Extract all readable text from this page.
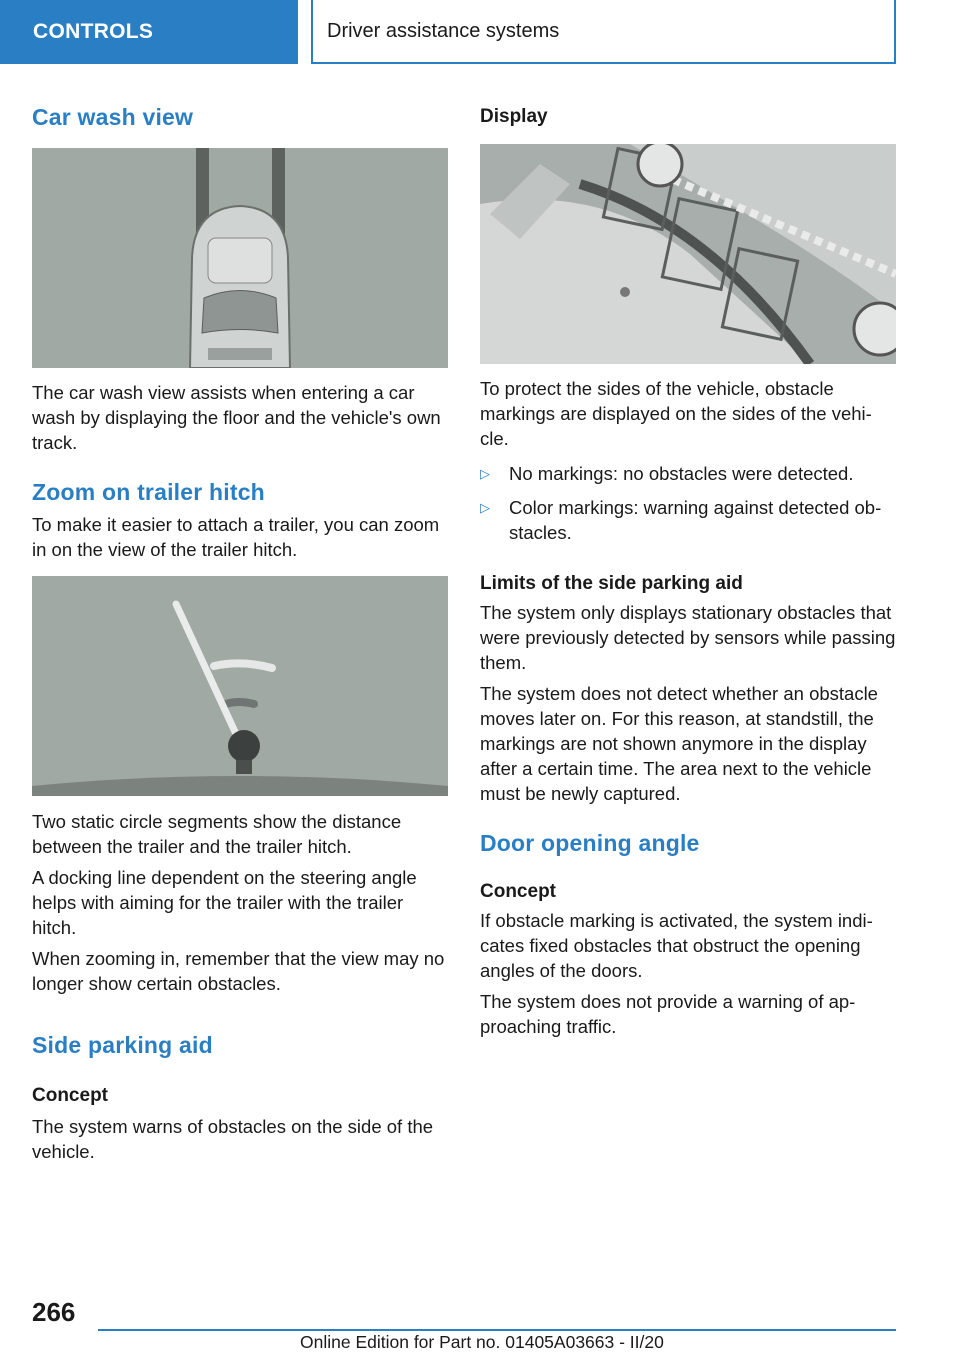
CONTROLS	Driver assistance systems
Car wash view

The car wash view assists when entering a car wash by displaying the floor and the vehicle's own track.

Zoom on trailer hitch

To make it easier to attach a trailer, you can zoom in on the view of the trailer hitch.

Two static circle segments show the distance between the trailer and the trailer hitch.

A docking line dependent on the steering angle helps with aiming for the trailer with the trailer hitch.

When zooming in, remember that the view may no longer show certain obstacles.

Side parking aid
Concept

The system warns of obstacles on the side of the vehicle.

Display

To protect the sides of the vehicle, obstacle markings are displayed on the sides of the vehi‐cle.

▷ No markings: no obstacles were detected.
▷ Color markings: warning against detected ob‐stacles.
Limits of the side parking aid

The system only displays stationary obstacles that were previously detected by sensors while passing them.

The system does not detect whether an obstacle moves later on. For this reason, at standstill, the markings are not shown anymore in the display after a certain time. The area next to the vehicle must be newly captured.

Door opening angle
Concept

If obstacle marking is activated, the system indi‐cates fixed obstacles that obstruct the opening angles of the doors.

The system does not provide a warning of ap‐proaching traffic.

266
Online Edition for Part no. 01405A03663 - II/20
